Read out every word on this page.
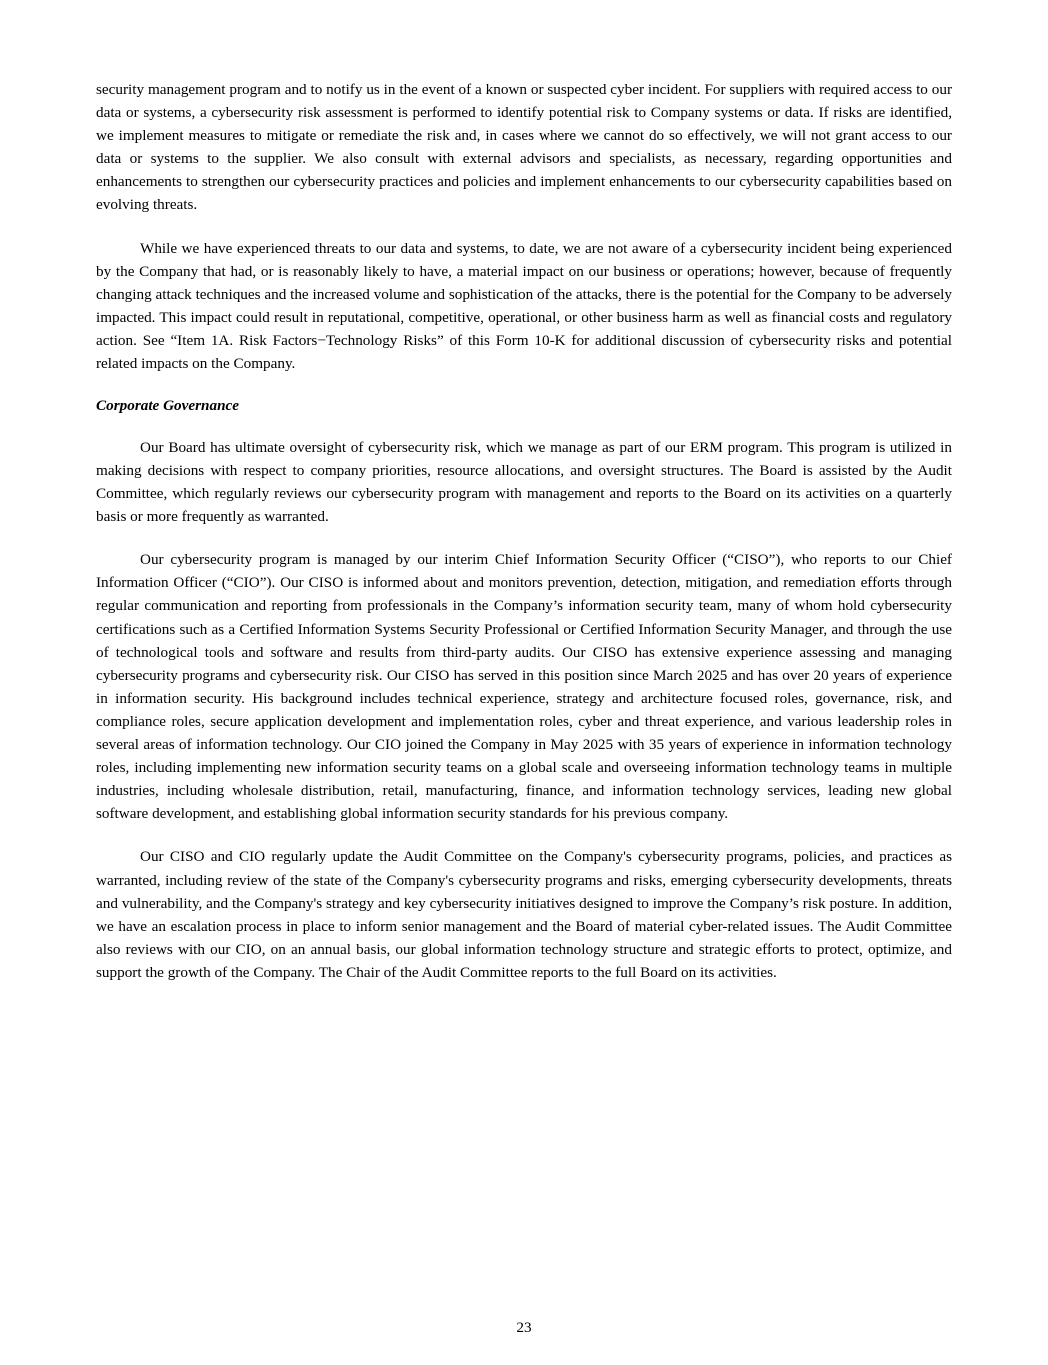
security management program and to notify us in the event of a known or suspected cyber incident. For suppliers with required access to our data or systems, a cybersecurity risk assessment is performed to identify potential risk to Company systems or data. If risks are identified, we implement measures to mitigate or remediate the risk and, in cases where we cannot do so effectively, we will not grant access to our data or systems to the supplier. We also consult with external advisors and specialists, as necessary, regarding opportunities and enhancements to strengthen our cybersecurity practices and policies and implement enhancements to our cybersecurity capabilities based on evolving threats.

While we have experienced threats to our data and systems, to date, we are not aware of a cybersecurity incident being experienced by the Company that had, or is reasonably likely to have, a material impact on our business or operations; however, because of frequently changing attack techniques and the increased volume and sophistication of the attacks, there is the potential for the Company to be adversely impacted. This impact could result in reputational, competitive, operational, or other business harm as well as financial costs and regulatory action. See “Item 1A. Risk Factors−Technology Risks” of this Form 10-K for additional discussion of cybersecurity risks and potential related impacts on the Company.

Corporate Governance

Our Board has ultimate oversight of cybersecurity risk, which we manage as part of our ERM program. This program is utilized in making decisions with respect to company priorities, resource allocations, and oversight structures. The Board is assisted by the Audit Committee, which regularly reviews our cybersecurity program with management and reports to the Board on its activities on a quarterly basis or more frequently as warranted.

Our cybersecurity program is managed by our interim Chief Information Security Officer (“CISO”), who reports to our Chief Information Officer (“CIO”). Our CISO is informed about and monitors prevention, detection, mitigation, and remediation efforts through regular communication and reporting from professionals in the Company’s information security team, many of whom hold cybersecurity certifications such as a Certified Information Systems Security Professional or Certified Information Security Manager, and through the use of technological tools and software and results from third-party audits. Our CISO has extensive experience assessing and managing cybersecurity programs and cybersecurity risk. Our CISO has served in this position since March 2025 and has over 20 years of experience in information security. His background includes technical experience, strategy and architecture focused roles, governance, risk, and compliance roles, secure application development and implementation roles, cyber and threat experience, and various leadership roles in several areas of information technology. Our CIO joined the Company in May 2025 with 35 years of experience in information technology roles, including implementing new information security teams on a global scale and overseeing information technology teams in multiple industries, including wholesale distribution, retail, manufacturing, finance, and information technology services, leading new global software development, and establishing global information security standards for his previous company.

Our CISO and CIO regularly update the Audit Committee on the Company's cybersecurity programs, policies, and practices as warranted, including review of the state of the Company's cybersecurity programs and risks, emerging cybersecurity developments, threats and vulnerability, and the Company's strategy and key cybersecurity initiatives designed to improve the Company’s risk posture. In addition, we have an escalation process in place to inform senior management and the Board of material cyber-related issues. The Audit Committee also reviews with our CIO, on an annual basis, our global information technology structure and strategic efforts to protect, optimize, and support the growth of the Company. The Chair of the Audit Committee reports to the full Board on its activities.

23
